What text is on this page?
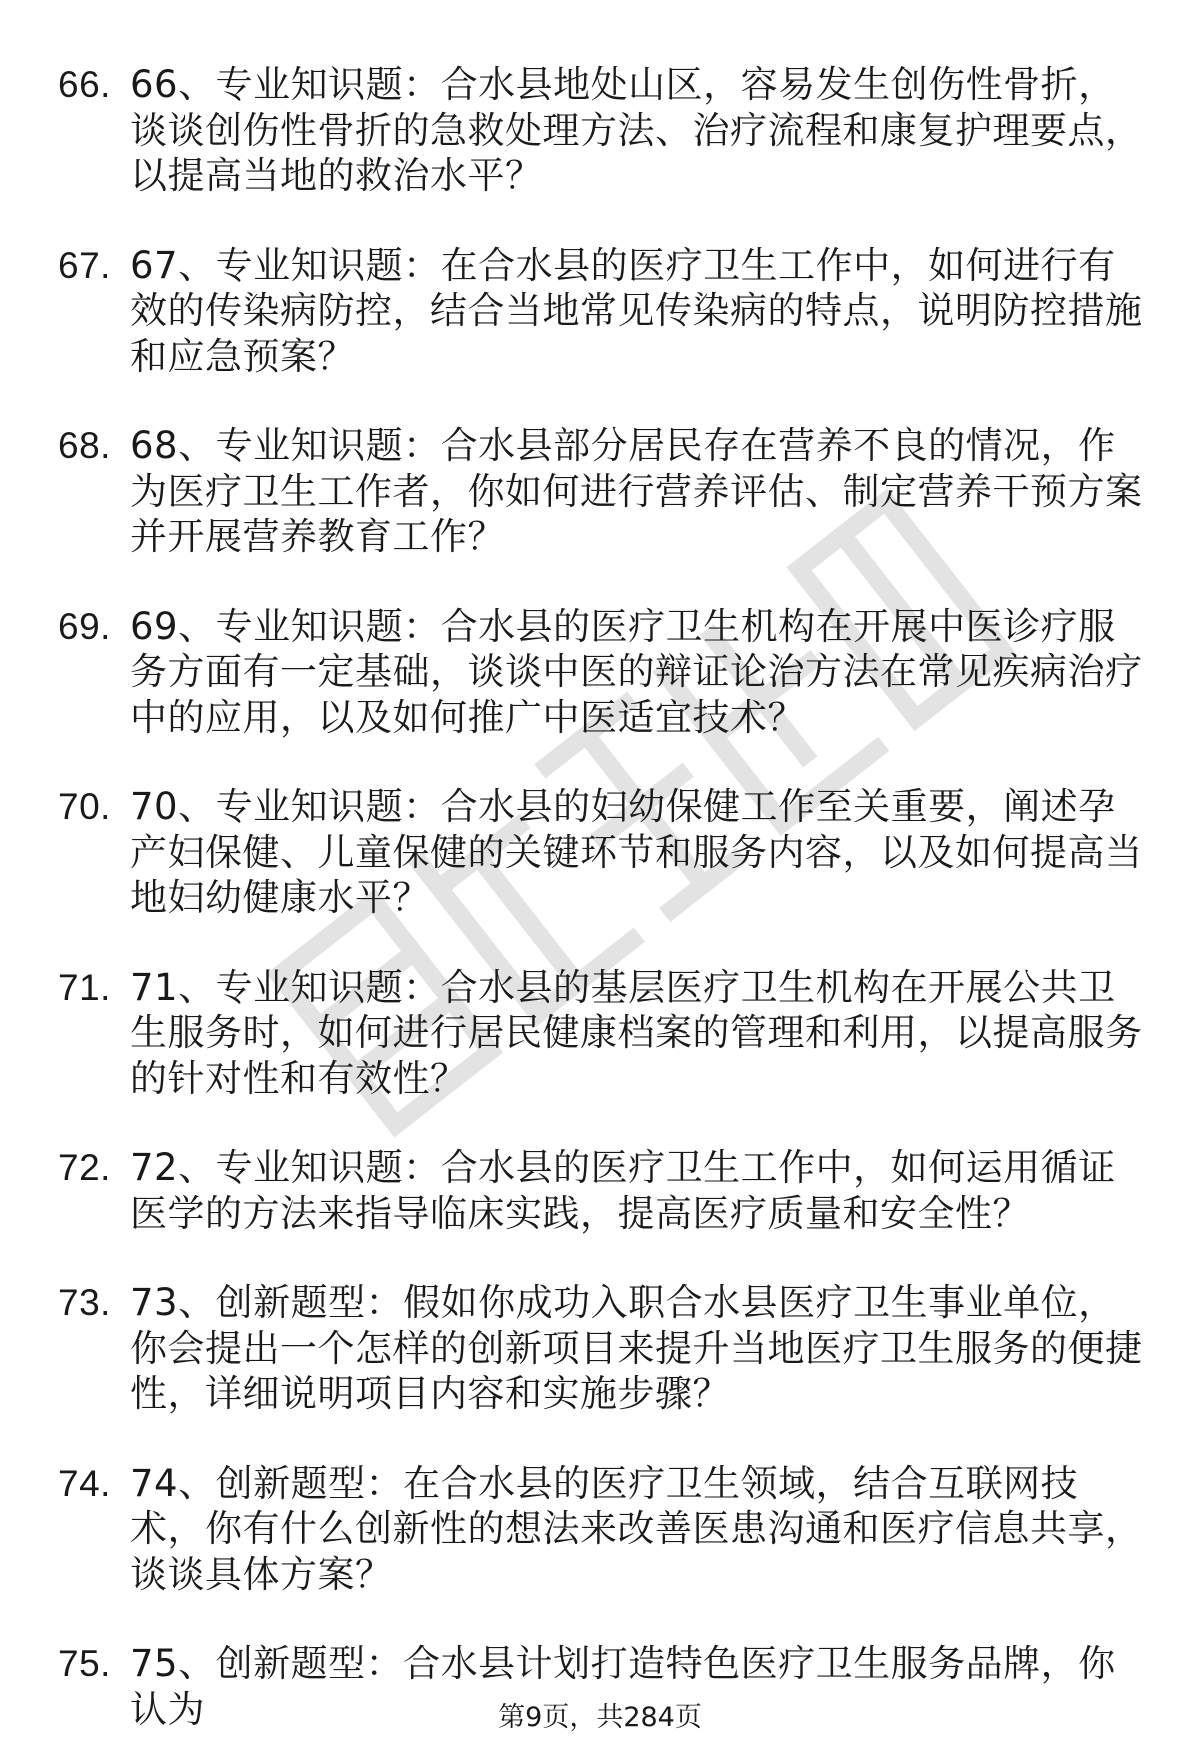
66. 66、专业知识题：合水县地处山区，容易发生创伤性骨折，谈谈创伤性骨折的急救处理方法、治疗流程和康复护理要点，以提高当地的救治水平？
67. 67、专业知识题：在合水县的医疗卫生工作中，如何进行有效的传染病防控，结合当地常见传染病的特点，说明防控措施和应急预案？
68. 68、专业知识题：合水县部分居民存在营养不良的情况，作为医疗卫生工作者，你如何进行营养评估、制定营养干预方案并开展营养教育工作？
69. 69、专业知识题：合水县的医疗卫生机构在开展中医诊疗服务方面有一定基础，谈谈中医的辩证论治方法在常见疾病治疗中的应用，以及如何推广中医适宜技术？
70. 70、专业知识题：合水县的妇幼保健工作至关重要，阐述孕产妇保健、儿童保健的关键环节和服务内容，以及如何提高当地妇幼健康水平？
71. 71、专业知识题：合水县的基层医疗卫生机构在开展公共卫生服务时，如何进行居民健康档案的管理和利用，以提高服务的针对性和有效性？
72. 72、专业知识题：合水县的医疗卫生工作中，如何运用循证医学的方法来指导临床实践，提高医疗质量和安全性？
73. 73、创新题型：假如你成功入职合水县医疗卫生事业单位，你会提出一个怎样的创新项目来提升当地医疗卫生服务的便捷性，详细说明项目内容和实施步骤？
74. 74、创新题型：在合水县的医疗卫生领域，结合互联网技术，你有什么创新性的想法来改善医患沟通和医疗信息共享，谈谈具体方案？
75. 75、创新题型：合水县计划打造特色医疗卫生服务品牌，你认为	第9页，共284页
